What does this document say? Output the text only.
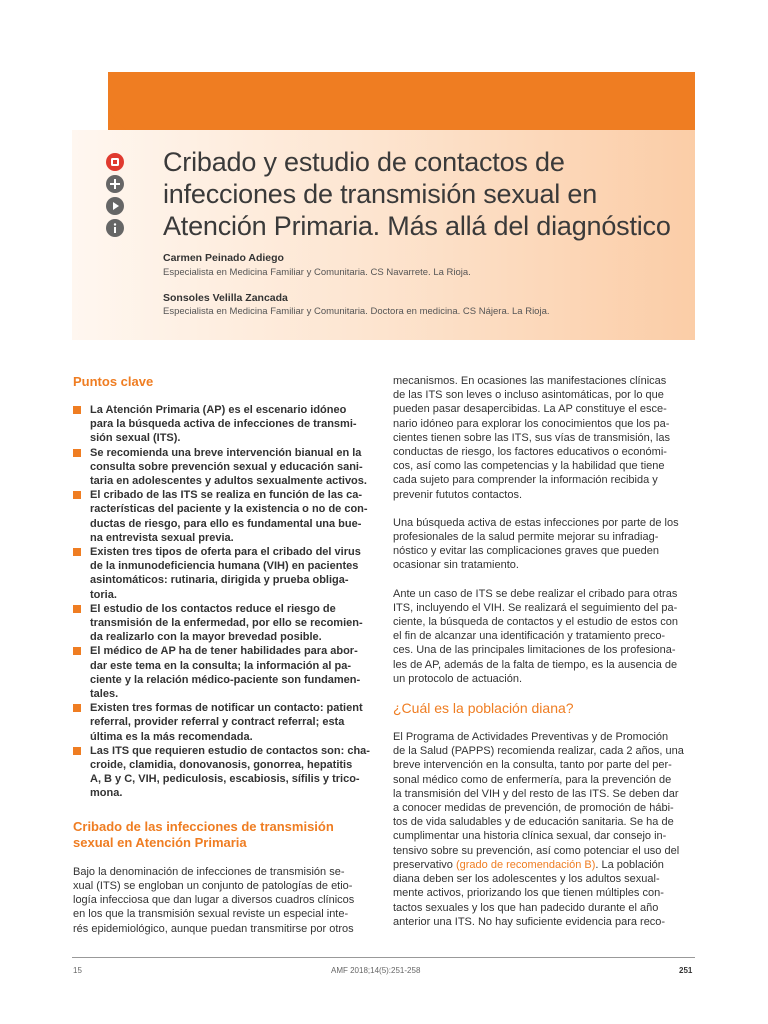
Cribado y estudio de contactos de
infecciones de transmisión sexual en
Atención Primaria. Más allá del diagnóstico
Carmen Peinado Adiego
Especialista en Medicina Familiar y Comunitaria. CS Navarrete. La Rioja.
Sonsoles Velilla Zancada
Especialista en Medicina Familiar y Comunitaria. Doctora en medicina. CS Nájera. La Rioja.
Puntos clave
La Atención Primaria (AP) es el escenario idóneo
para la búsqueda activa de infecciones de transmi-
sión sexual (ITS).
Se recomienda una breve intervención bianual en la
consulta sobre prevención sexual y educación sani-
taria en adolescentes y adultos sexualmente activos.
El cribado de las ITS se realiza en función de las ca-
racterísticas del paciente y la existencia o no de con-
ductas de riesgo, para ello es fundamental una bue-
na entrevista sexual previa.
Existen tres tipos de oferta para el cribado del virus
de la inmunodeficiencia humana (VIH) en pacientes
asintomáticos: rutinaria, dirigida y prueba obliga-
toria.
El estudio de los contactos reduce el riesgo de
transmisión de la enfermedad, por ello se recomien-
da realizarlo con la mayor brevedad posible.
El médico de AP ha de tener habilidades para abor-
dar este tema en la consulta; la información al pa-
ciente y la relación médico-paciente son fundamen-
tales.
Existen tres formas de notificar un contacto: patient
referral, provider referral y contract referral; esta
última es la más recomendada.
Las ITS que requieren estudio de contactos son: cha-
croide, clamidia, donovanosis, gonorrea, hepatitis
A, B y C, VIH, pediculosis, escabiosis, sífilis y trico-
mona.
Cribado de las infecciones de transmisión
sexual en Atención Primaria
Bajo la denominación de infecciones de transmisión se-
xual (ITS) se engloban un conjunto de patologías de etio-
logía infecciosa que dan lugar a diversos cuadros clínicos
en los que la transmisión sexual reviste un especial inte-
rés epidemiológico, aunque puedan transmitirse por otros

mecanismos. En ocasiones las manifestaciones clínicas
de las ITS son leves o incluso asintomáticas, por lo que
pueden pasar desapercibidas. La AP constituye el esce-
nario idóneo para explorar los conocimientos que los pa-
cientes tienen sobre las ITS, sus vías de transmisión, las
conductas de riesgo, los factores educativos o económi-
cos, así como las competencias y la habilidad que tiene
cada sujeto para comprender la información recibida y
prevenir fututos contactos.

Una búsqueda activa de estas infecciones por parte de los
profesionales de la salud permite mejorar su infradiag-
nóstico y evitar las complicaciones graves que pueden
ocasionar sin tratamiento.

Ante un caso de ITS se debe realizar el cribado para otras
ITS, incluyendo el VIH. Se realizará el seguimiento del pa-
ciente, la búsqueda de contactos y el estudio de estos con
el fin de alcanzar una identificación y tratamiento preco-
ces. Una de las principales limitaciones de los profesiona-
les de AP, además de la falta de tiempo, es la ausencia de
un protocolo de actuación.

¿Cuál es la población diana?

El Programa de Actividades Preventivas y de Promoción
de la Salud (PAPPS) recomienda realizar, cada 2 años, una
breve intervención en la consulta, tanto por parte del per-
sonal médico como de enfermería, para la prevención de
la transmisión del VIH y del resto de las ITS. Se deben dar
a conocer medidas de prevención, de promoción de hábi-
tos de vida saludables y de educación sanitaria. Se ha de
cumplimentar una historia clínica sexual, dar consejo in-
tensivo sobre su prevención, así como potenciar el uso del
preservativo (grado de recomendación B). La población
diana deben ser los adolescentes y los adultos sexual-
mente activos, priorizando los que tienen múltiples con-
tactos sexuales y los que han padecido durante el año
anterior una ITS. No hay suficiente evidencia para reco-

15	AMF 2018;14(5):251-258	251
